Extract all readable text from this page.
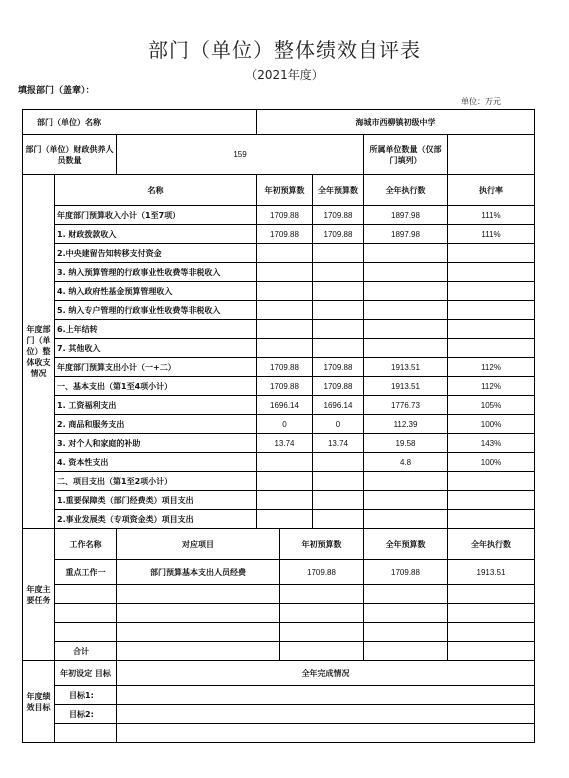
部门（单位）整体绩效自评表
（2021年度）
填报部门（盖章）：
单位：万元
部门（单位）名称			海城市西柳镇初级中学					
部门（单位）财政供养人员数量		159				所属单位数量（仅部门填列）		
年度部门（单位）整体收支情况	名称		年初预算数		全年预算数	全年执行数	执行率	
	年度部门预算收入小计（1至7项）		1709.88		1709.88	1897.98	111%	
	1. 财政拨款收入		1709.88		1709.88	1897.98	111%	
	2.中央建留告知转移支付资金							
	3. 纳入预算管理的行政事业性收费等非税收入							
	4. 纳入政府性基金预算管理收入							
	5. 纳入专户管理的行政事业性收费等非税收入							
	6.上年结转							
	7. 其他收入							
	年度部门预算支出小计（一+二）		1709.88		1709.88	1913.51	112%	
	一、基本支出（第1至4项小计）		1709.88		1709.88	1913.51	112%	
	1. 工资福利支出		1696.14		1696.14	1776.73	105%	
	2. 商品和服务支出		0		0	112.39	100%	
	3. 对个人和家庭的补助		13.74		13.74	19.58	143%	
	4. 资本性支出					4.8	100%	
	二、项目支出（第1至2项小计）							
	1.重要保障类（部门经费类）项目支出							
	2.事业发展类（专项资金类）项目支出							
年度主要任务	工作名称	对应项目		年初预算数		全年预算数	全年执行数	
	重点工作一	部门预算基本支出人员经费		1709.88		1709.88	1913.51	

	合计							
年度绩效目标	年初设定 目标	全年完成情况						
	目标1:							
	目标2:							
